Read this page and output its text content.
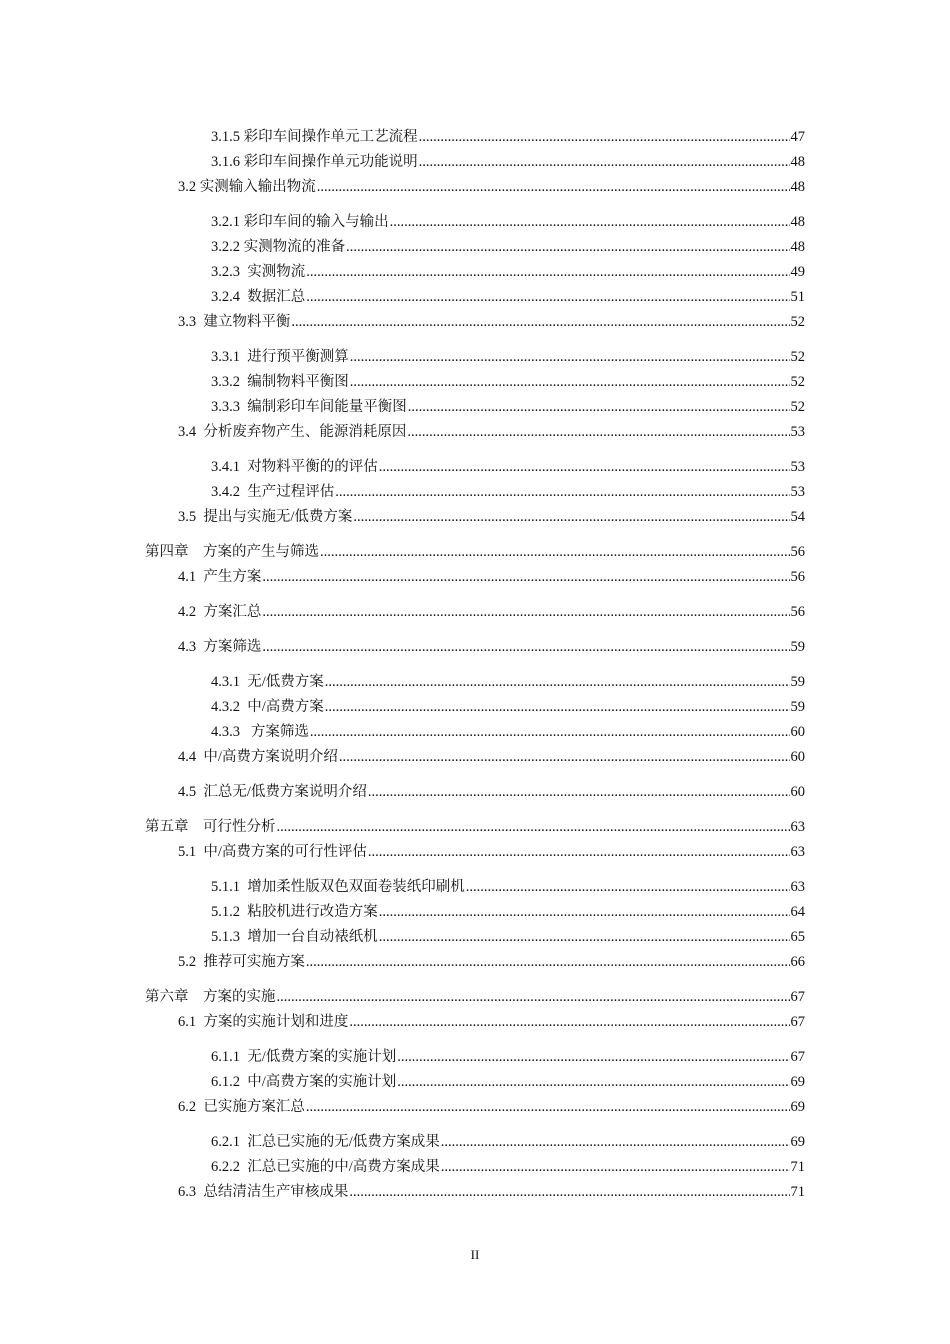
3.1.5 彩印车间操作单元工艺流程 .....	47
3.1.6 彩印车间操作单元功能说明 .....	48
3.2 实测输入输出物流 .....	48
3.2.1 彩印车间的输入与输出 .....	48
3.2.2 实测物流的准备 .....	48
3.2.3 实测物流 .....	49
3.2.4 数据汇总 .....	51
3.3 建立物料平衡 .....	52
3.3.1 进行预平衡测算 .....	52
3.3.2 编制物料平衡图 .....	52
3.3.3 编制彩印车间能量平衡图 .....	52
3.4 分析废弃物产生、能源消耗原因 .....	53
3.4.1 对物料平衡的的评估 .....	53
3.4.2 生产过程评估 .....	53
3.5 提出与实施无/低费方案 .....	54
第四章 方案的产生与筛选 .....	56
4.1 产生方案 .....	56
4.2 方案汇总 .....	56
4.3 方案筛选 .....	59
4.3.1 无/低费方案 .....	59
4.3.2 中/高费方案 .....	59
4.3.3 方案筛选 .....	60
4.4 中/高费方案说明介绍 .....	60
4.5 汇总无/低费方案说明介绍 .....	60
第五章 可行性分析 .....	63
5.1 中/高费方案的可行性评估 .....	63
5.1.1 增加柔性版双色双面卷装纸印刷机 .....	63
5.1.2 粘胶机进行改造方案 .....	64
5.1.3 增加一台自动裱纸机 .....	65
5.2 推荐可实施方案 .....	66
第六章 方案的实施 .....	67
6.1 方案的实施计划和进度 .....	67
6.1.1 无/低费方案的实施计划 .....	67
6.1.2 中/高费方案的实施计划 .....	69
6.2 已实施方案汇总 .....	69
6.2.1 汇总已实施的无/低费方案成果 .....	69
6.2.2 汇总已实施的中/高费方案成果 .....	71
6.3 总结清洁生产审核成果 .....	71
II
